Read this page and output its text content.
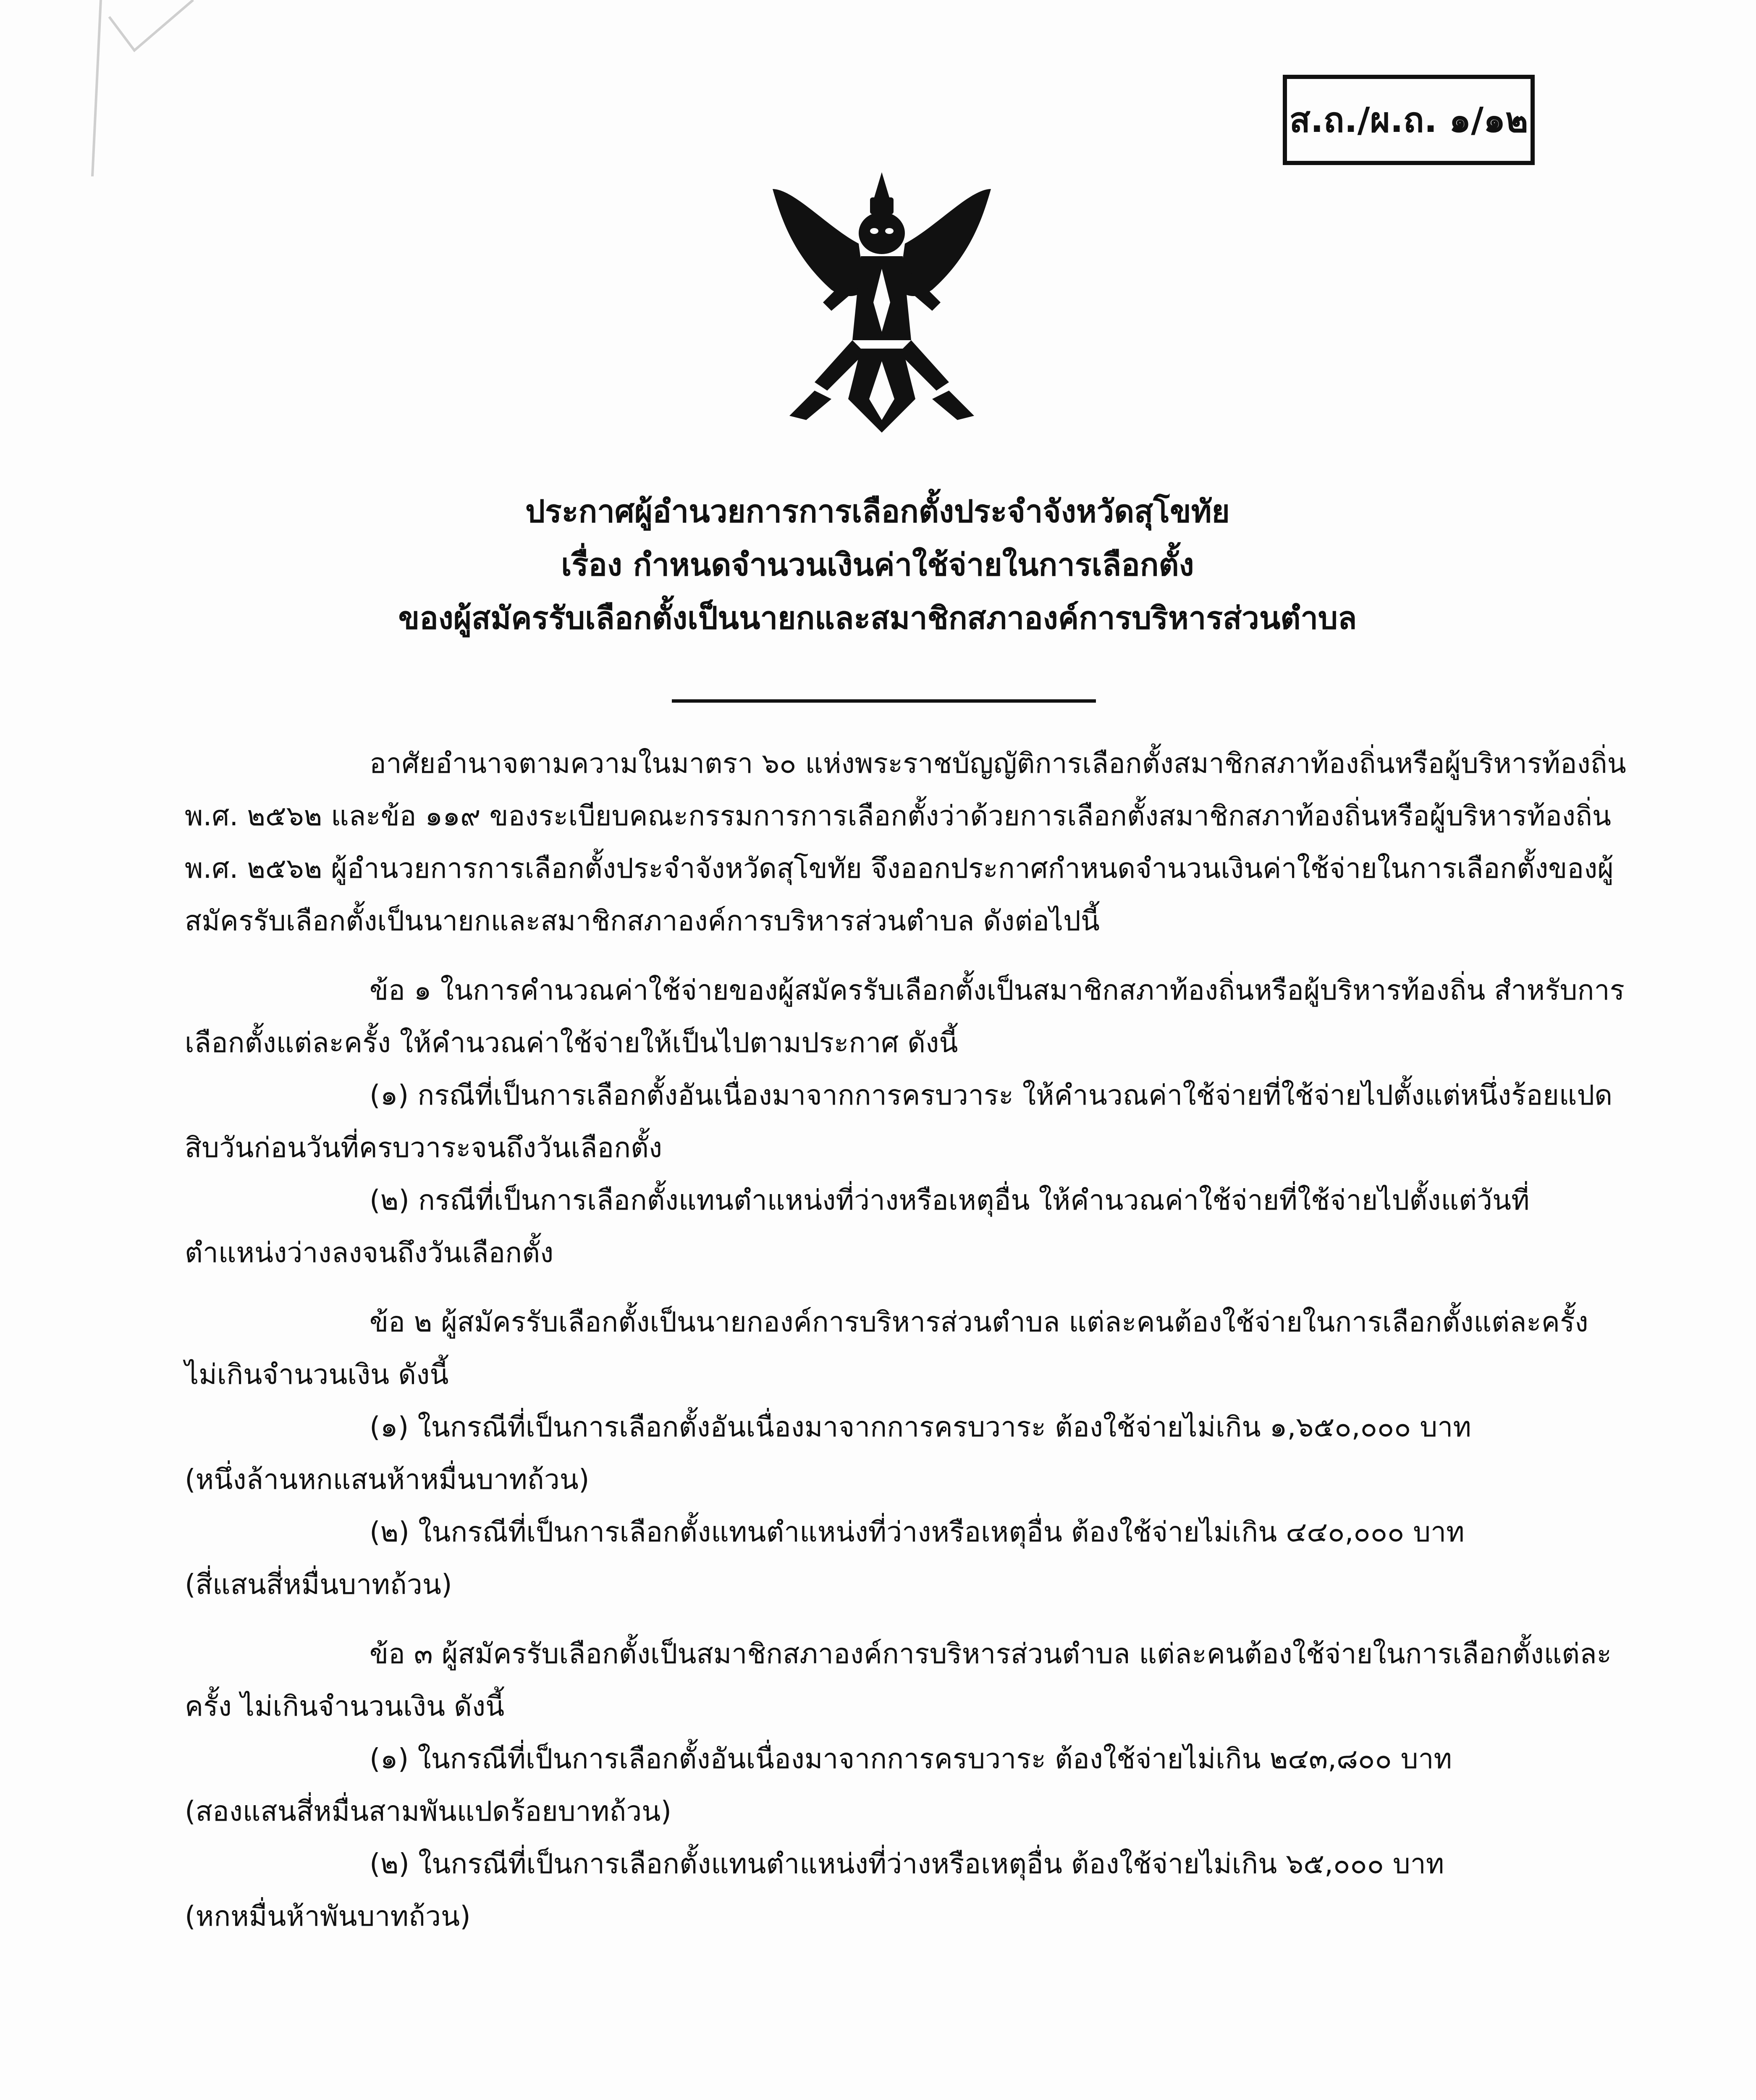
ส.ถ./ผ.ถ. ๑/๑๒
ประกาศผู้อำนวยการการเลือกตั้งประจำจังหวัดสุโขทัย
เรื่อง กำหนดจำนวนเงินค่าใช้จ่ายในการเลือกตั้ง
ของผู้สมัครรับเลือกตั้งเป็นนายกและสมาชิกสภาองค์การบริหารส่วนตำบล

อาศัยอำนาจตามความในมาตรา ๖๐ แห่งพระราชบัญญัติการเลือกตั้งสมาชิกสภาท้องถิ่นหรือผู้บริหารท้องถิ่น พ.ศ. ๒๕๖๒ และข้อ ๑๑๙ ของระเบียบคณะกรรมการการเลือกตั้งว่าด้วยการเลือกตั้งสมาชิกสภาท้องถิ่นหรือผู้บริหารท้องถิ่น พ.ศ. ๒๕๖๒ ผู้อำนวยการการเลือกตั้งประจำจังหวัดสุโขทัย จึงออกประกาศกำหนดจำนวนเงินค่าใช้จ่ายในการเลือกตั้งของผู้สมัครรับเลือกตั้งเป็นนายกและสมาชิกสภาองค์การบริหารส่วนตำบล ดังต่อไปนี้

ข้อ ๑ ในการคำนวณค่าใช้จ่ายของผู้สมัครรับเลือกตั้งเป็นสมาชิกสภาท้องถิ่นหรือผู้บริหารท้องถิ่น สำหรับการเลือกตั้งแต่ละครั้ง ให้คำนวณค่าใช้จ่ายให้เป็นไปตามประกาศ ดังนี้

(๑) กรณีที่เป็นการเลือกตั้งอันเนื่องมาจากการครบวาระ ให้คำนวณค่าใช้จ่ายที่ใช้จ่ายไปตั้งแต่หนึ่งร้อยแปดสิบวันก่อนวันที่ครบวาระจนถึงวันเลือกตั้ง

(๒) กรณีที่เป็นการเลือกตั้งแทนตำแหน่งที่ว่างหรือเหตุอื่น ให้คำนวณค่าใช้จ่ายที่ใช้จ่ายไปตั้งแต่วันที่ตำแหน่งว่างลงจนถึงวันเลือกตั้ง

ข้อ ๒ ผู้สมัครรับเลือกตั้งเป็นนายกองค์การบริหารส่วนตำบล แต่ละคนต้องใช้จ่ายในการเลือกตั้งแต่ละครั้ง ไม่เกินจำนวนเงิน ดังนี้

(๑) ในกรณีที่เป็นการเลือกตั้งอันเนื่องมาจากการครบวาระ ต้องใช้จ่ายไม่เกิน ๑,๖๕๐,๐๐๐ บาท

(หนึ่งล้านหกแสนห้าหมื่นบาทถ้วน)

(๒) ในกรณีที่เป็นการเลือกตั้งแทนตำแหน่งที่ว่างหรือเหตุอื่น ต้องใช้จ่ายไม่เกิน ๔๔๐,๐๐๐ บาท

(สี่แสนสี่หมื่นบาทถ้วน)

ข้อ ๓ ผู้สมัครรับเลือกตั้งเป็นสมาชิกสภาองค์การบริหารส่วนตำบล แต่ละคนต้องใช้จ่ายในการเลือกตั้งแต่ละครั้ง ไม่เกินจำนวนเงิน ดังนี้

(๑) ในกรณีที่เป็นการเลือกตั้งอันเนื่องมาจากการครบวาระ ต้องใช้จ่ายไม่เกิน ๒๔๓,๘๐๐ บาท

(สองแสนสี่หมื่นสามพันแปดร้อยบาทถ้วน)

(๒) ในกรณีที่เป็นการเลือกตั้งแทนตำแหน่งที่ว่างหรือเหตุอื่น ต้องใช้จ่ายไม่เกิน ๖๕,๐๐๐ บาท

(หกหมื่นห้าพันบาทถ้วน)
